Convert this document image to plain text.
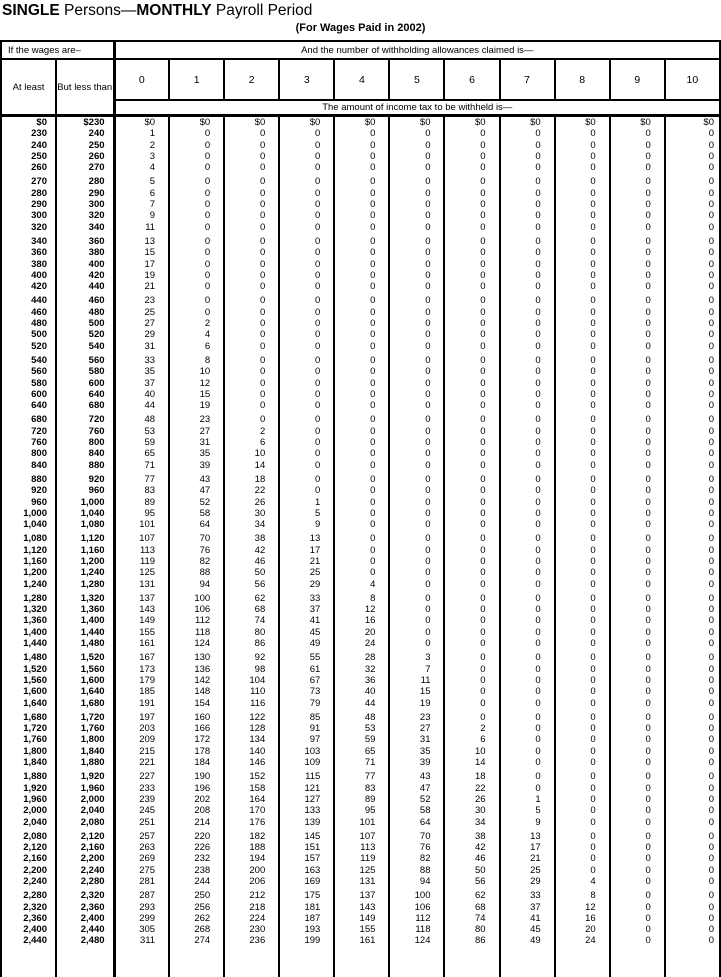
SINGLE Persons—MONTHLY Payroll Period
(For Wages Paid in 2002)
If the wages are–		And the number of withholding allowances claimed is—										
At least	But less than	0	1	2	3	4	5	6	7	8	9	10
		The amount of income tax to be withheld is—										
$0	$230	$0	$0	$0	$0	$0	$0	$0	$0	$0	$0	$0
230	240	1	0	0	0	0	0	0	0	0	0	0
240	250	2	0	0	0	0	0	0	0	0	0	0
250	260	3	0	0	0	0	0	0	0	0	0	0
260	270	4	0	0	0	0	0	0	0	0	0	0
270	280	5	0	0	0	0	0	0	0	0	0	0
280	290	6	0	0	0	0	0	0	0	0	0	0
290	300	7	0	0	0	0	0	0	0	0	0	0
300	320	9	0	0	0	0	0	0	0	0	0	0
320	340	11	0	0	0	0	0	0	0	0	0	0
340	360	13	0	0	0	0	0	0	0	0	0	0
360	380	15	0	0	0	0	0	0	0	0	0	0
380	400	17	0	0	0	0	0	0	0	0	0	0
400	420	19	0	0	0	0	0	0	0	0	0	0
420	440	21	0	0	0	0	0	0	0	0	0	0
440	460	23	0	0	0	0	0	0	0	0	0	0
460	480	25	0	0	0	0	0	0	0	0	0	0
480	500	27	2	0	0	0	0	0	0	0	0	0
500	520	29	4	0	0	0	0	0	0	0	0	0
520	540	31	6	0	0	0	0	0	0	0	0	0
540	560	33	8	0	0	0	0	0	0	0	0	0
560	580	35	10	0	0	0	0	0	0	0	0	0
580	600	37	12	0	0	0	0	0	0	0	0	0
600	640	40	15	0	0	0	0	0	0	0	0	0
640	680	44	19	0	0	0	0	0	0	0	0	0
680	720	48	23	0	0	0	0	0	0	0	0	0
720	760	53	27	2	0	0	0	0	0	0	0	0
760	800	59	31	6	0	0	0	0	0	0	0	0
800	840	65	35	10	0	0	0	0	0	0	0	0
840	880	71	39	14	0	0	0	0	0	0	0	0
880	920	77	43	18	0	0	0	0	0	0	0	0
920	960	83	47	22	0	0	0	0	0	0	0	0
960	1,000	89	52	26	1	0	0	0	0	0	0	0
1,000	1,040	95	58	30	5	0	0	0	0	0	0	0
1,040	1,080	101	64	34	9	0	0	0	0	0	0	0
1,080	1,120	107	70	38	13	0	0	0	0	0	0	0
1,120	1,160	113	76	42	17	0	0	0	0	0	0	0
1,160	1,200	119	82	46	21	0	0	0	0	0	0	0
1,200	1,240	125	88	50	25	0	0	0	0	0	0	0
1,240	1,280	131	94	56	29	4	0	0	0	0	0	0
1,280	1,320	137	100	62	33	8	0	0	0	0	0	0
1,320	1,360	143	106	68	37	12	0	0	0	0	0	0
1,360	1,400	149	112	74	41	16	0	0	0	0	0	0
1,400	1,440	155	118	80	45	20	0	0	0	0	0	0
1,440	1,480	161	124	86	49	24	0	0	0	0	0	0
1,480	1,520	167	130	92	55	28	3	0	0	0	0	0
1,520	1,560	173	136	98	61	32	7	0	0	0	0	0
1,560	1,600	179	142	104	67	36	11	0	0	0	0	0
1,600	1,640	185	148	110	73	40	15	0	0	0	0	0
1,640	1,680	191	154	116	79	44	19	0	0	0	0	0
1,680	1,720	197	160	122	85	48	23	0	0	0	0	0
1,720	1,760	203	166	128	91	53	27	2	0	0	0	0
1,760	1,800	209	172	134	97	59	31	6	0	0	0	0
1,800	1,840	215	178	140	103	65	35	10	0	0	0	0
1,840	1,880	221	184	146	109	71	39	14	0	0	0	0
1,880	1,920	227	190	152	115	77	43	18	0	0	0	0
1,920	1,960	233	196	158	121	83	47	22	0	0	0	0
1,960	2,000	239	202	164	127	89	52	26	1	0	0	0
2,000	2,040	245	208	170	133	95	58	30	5	0	0	0
2,040	2,080	251	214	176	139	101	64	34	9	0	0	0
2,080	2,120	257	220	182	145	107	70	38	13	0	0	0
2,120	2,160	263	226	188	151	113	76	42	17	0	0	0
2,160	2,200	269	232	194	157	119	82	46	21	0	0	0
2,200	2,240	275	238	200	163	125	88	50	25	0	0	0
2,240	2,280	281	244	206	169	131	94	56	29	4	0	0
2,280	2,320	287	250	212	175	137	100	62	33	8	0	0
2,320	2,360	293	256	218	181	143	106	68	37	12	0	0
2,360	2,400	299	262	224	187	149	112	74	41	16	0	0
2,400	2,440	305	268	230	193	155	118	80	45	20	0	0
2,440	2,480	311	274	236	199	161	124	86	49	24	0	0
